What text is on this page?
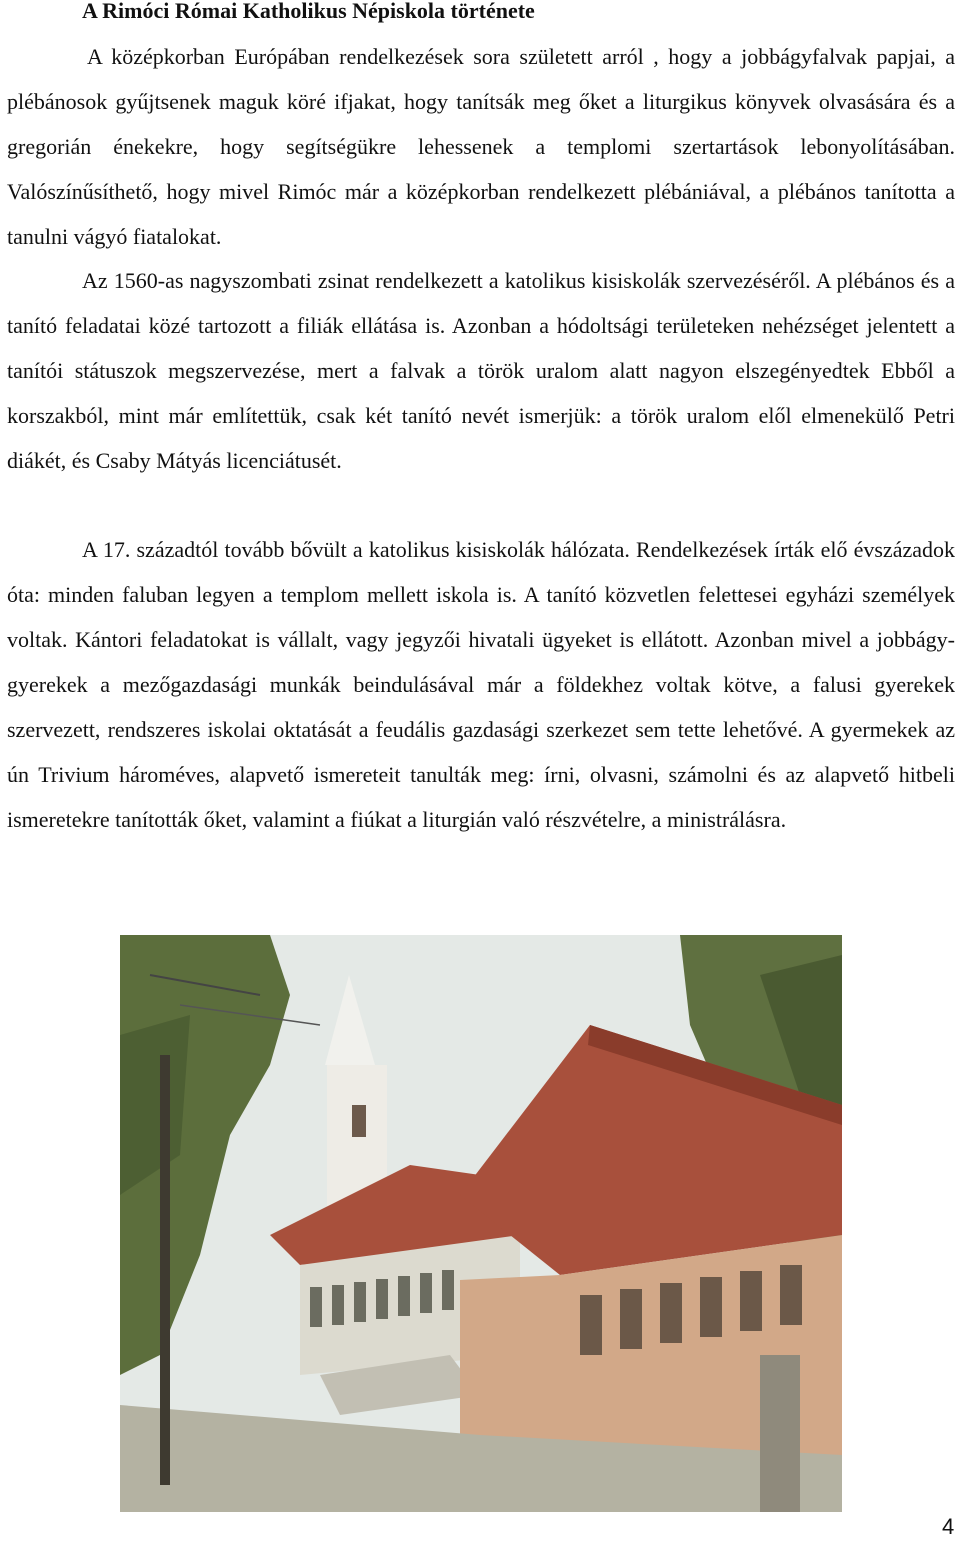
A Rimóci Római Katholikus Népiskola története

A középkorban Európában rendelkezések sora született arról , hogy a jobbágyfalvak papjai, a plébánosok gyűjtsenek maguk köré ifjakat, hogy tanítsák meg őket a liturgikus könyvek olvasására és a gregorián énekekre, hogy segítségükre lehessenek a templomi szertartások lebonyolításában. Valószínűsíthető, hogy mivel Rimóc már a középkorban rendelkezett plébániával, a plébános tanította a tanulni vágyó fiatalokat.

Az 1560-as nagyszombati zsinat rendelkezett a katolikus kisiskolák szervezéséről. A plébános és a tanító feladatai közé tartozott a filiák ellátása is. Azonban a hódoltsági területeken nehézséget jelentett a tanítói státuszok megszervezése, mert a falvak a török uralom alatt nagyon elszegényedtek Ebből a korszakból, mint már említettük, csak két tanító nevét ismerjük: a török uralom elől elmenekülő Petri diákét, és Csaby Mátyás licenciátusét.

A 17. századtól tovább bővült a katolikus kisiskolák hálózata. Rendelkezések írták elő évszázadok óta: minden faluban legyen a templom mellett iskola is. A tanító közvetlen felettesei egyházi személyek voltak. Kántori feladatokat is vállalt, vagy jegyzői hivatali ügyeket is ellátott. Azonban mivel a jobbágy-gyerekek a mezőgazdasági munkák beindulásával már a földekhez voltak kötve, a falusi gyerekek szervezett, rendszeres iskolai oktatását a feudális gazdasági szerkezet sem tette lehetővé. A gyermekek az ún Trivium hároméves, alapvető ismereteit tanulták meg: írni, olvasni, számolni és az alapvető hitbeli ismeretekre tanították őket, valamint a fiúkat a liturgián való részvételre, a ministrálásra.

4
